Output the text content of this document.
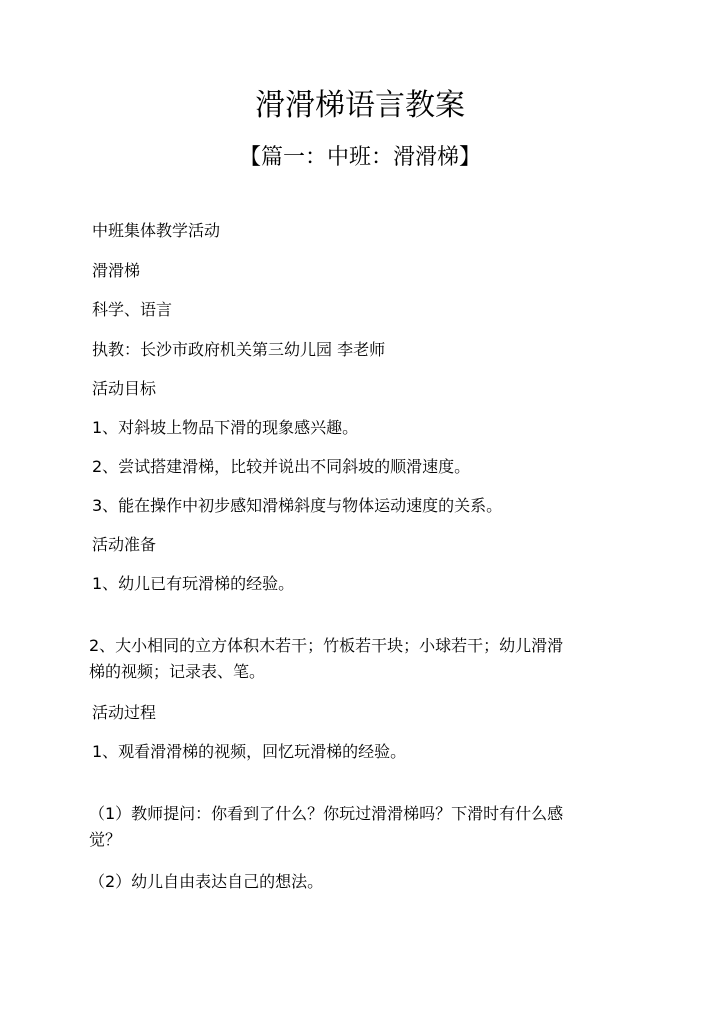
滑滑梯语言教案
【篇一：中班：滑滑梯】
中班集体教学活动
滑滑梯
科学、语言
执教：长沙市政府机关第三幼儿园 李老师
活动目标
1、对斜坡上物品下滑的现象感兴趣。
2、尝试搭建滑梯，比较并说出不同斜坡的顺滑速度。
3、能在操作中初步感知滑梯斜度与物体运动速度的关系。
活动准备
1、幼儿已有玩滑梯的经验。
2、大小相同的立方体积木若干；竹板若干块；小球若干；幼儿滑滑
梯的视频；记录表、笔。
活动过程
1、观看滑滑梯的视频，回忆玩滑梯的经验。
（1）教师提问：你看到了什么？你玩过滑滑梯吗？下滑时有什么感
觉？
（2）幼儿自由表达自己的想法。
